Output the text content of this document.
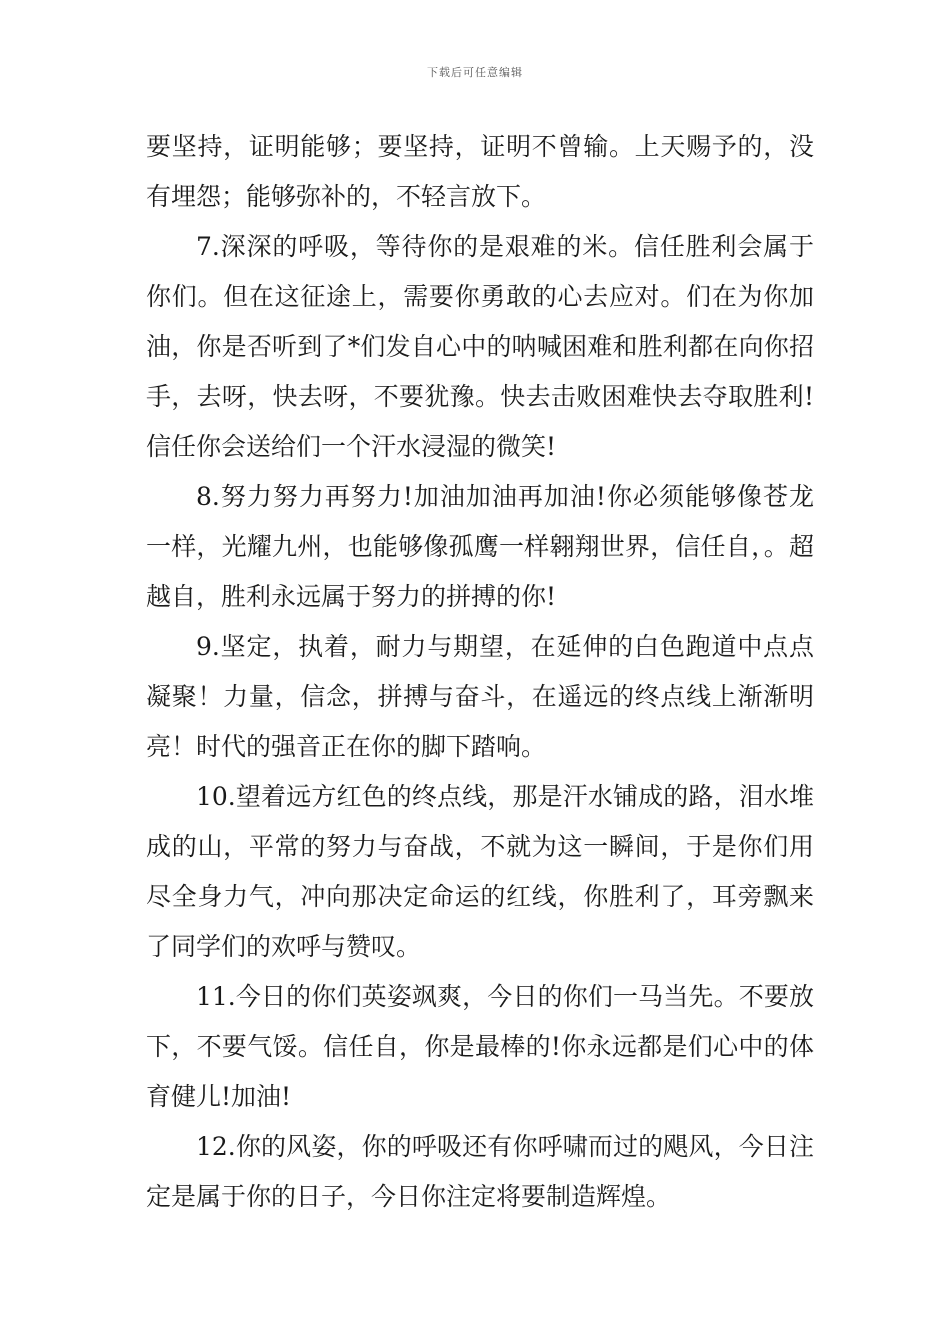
下载后可任意编辑

要坚持，证明能够；要坚持，证明不曾输。上天赐予的，没有埋怨；能够弥补的，不轻言放下。

7.深深的呼吸，等待你的是艰难的米。信任胜利会属于你们。但在这征途上，需要你勇敢的心去应对。们在为你加油，你是否听到了*们发自心中的呐喊困难和胜利都在向你招手，去呀，快去呀，不要犹豫。快去击败困难快去夺取胜利!信任你会送给们一个汗水浸湿的微笑!

8.努力努力再努力!加油加油再加油!你必须能够像苍龙一样，光耀九州，也能够像孤鹰一样翱翔世界，信任自，。超越自，胜利永远属于努力的拼搏的你!

9.坚定，执着，耐力与期望，在延伸的白色跑道中点点凝聚！力量，信念，拼搏与奋斗，在遥远的终点线上渐渐明亮！时代的强音正在你的脚下踏响。

10.望着远方红色的终点线，那是汗水铺成的路，泪水堆成的山，平常的努力与奋战，不就为这一瞬间，于是你们用尽全身力气，冲向那决定命运的红线，你胜利了，耳旁飘来了同学们的欢呼与赞叹。

11.今日的你们英姿飒爽，今日的你们一马当先。不要放下，不要气馁。信任自，你是最棒的!你永远都是们心中的体育健儿!加油!

12.你的风姿，你的呼吸还有你呼啸而过的飓风，今日注定是属于你的日子，今日你注定将要制造辉煌。
